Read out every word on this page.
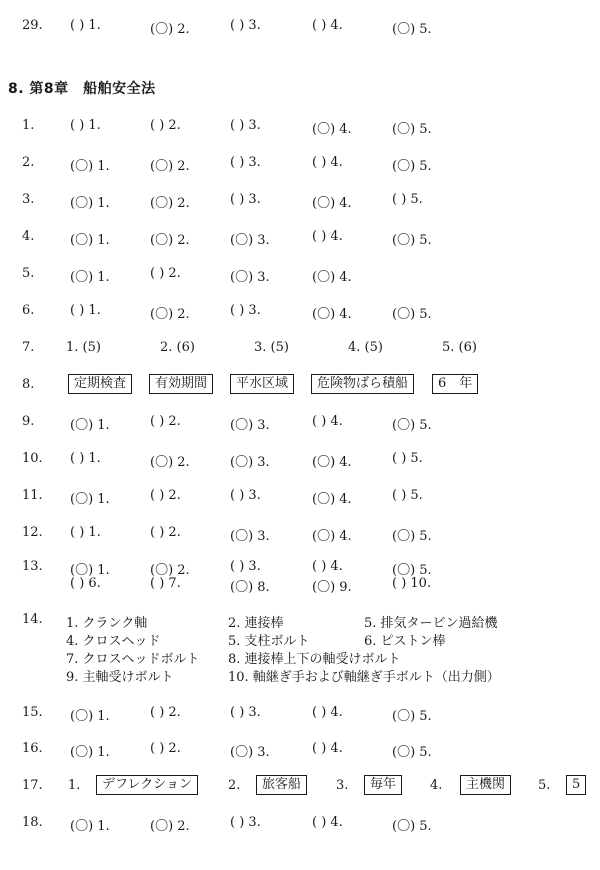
29. ( ) 1.	(〇) 2.	( ) 3.	( ) 4.	(〇) 5.
8. 第8章　船舶安全法
1.	( ) 1.	( ) 2.	( ) 3.	(〇) 4.	(〇) 5.
2.	(〇) 1.	(〇) 2.	( ) 3.	( ) 4.	(〇) 5.
3.	(〇) 1.	(〇) 2.	( ) 3.	(〇) 4.	( ) 5.
4.	(〇) 1.	(〇) 2.	(〇) 3.	( ) 4.	(〇) 5.
5.	(〇) 1.	( ) 2.	(〇) 3.	(〇) 4.
6.	( ) 1.	(〇) 2.	( ) 3.	(〇) 4.	(〇) 5.
7. 1. (5)	2. (6)	3. (5)	4. (5)	5. (6)
8.	定期検査	有効期間	平水区域	危険物ばら積船	6　年
9.	(〇) 1.	( ) 2.	(〇) 3.	( ) 4.	(〇) 5.
10. ( ) 1.	(〇) 2.	(〇) 3.	(〇) 4.	( ) 5.
11. (〇) 1.	( ) 2.	( ) 3.	(〇) 4.	( ) 5.
12. ( ) 1.	( ) 2.	(〇) 3.	(〇) 4.	(〇) 5.
13. (〇) 1.	(〇) 2.	( ) 3.	( ) 4.	(〇) 5.
( ) 6.	( ) 7.	(〇) 8.	(〇) 9.	( ) 10.
14. 1. クランク軸	2. 連接棒	5. 排気タービン過給機
4. クロスヘッド	5. 支柱ボルト	6. ピストン棒
7. クロスヘッドボルト 8. 連接棒上下の軸受けボルト
9. 主軸受けボルト	10. 軸継ぎ手および軸継ぎ手ボルト（出力側）
15. (〇) 1.	( ) 2.	( ) 3.	( ) 4.	(〇) 5.
16. (〇) 1.	( ) 2.	(〇) 3.	( ) 4.	(〇) 5.
17. 1.	デフレクション	2.	旅客船	3.	毎年	4.	主機関	5.	5
18. (〇) 1.	(〇) 2.	( ) 3.	( ) 4.	(〇) 5.
